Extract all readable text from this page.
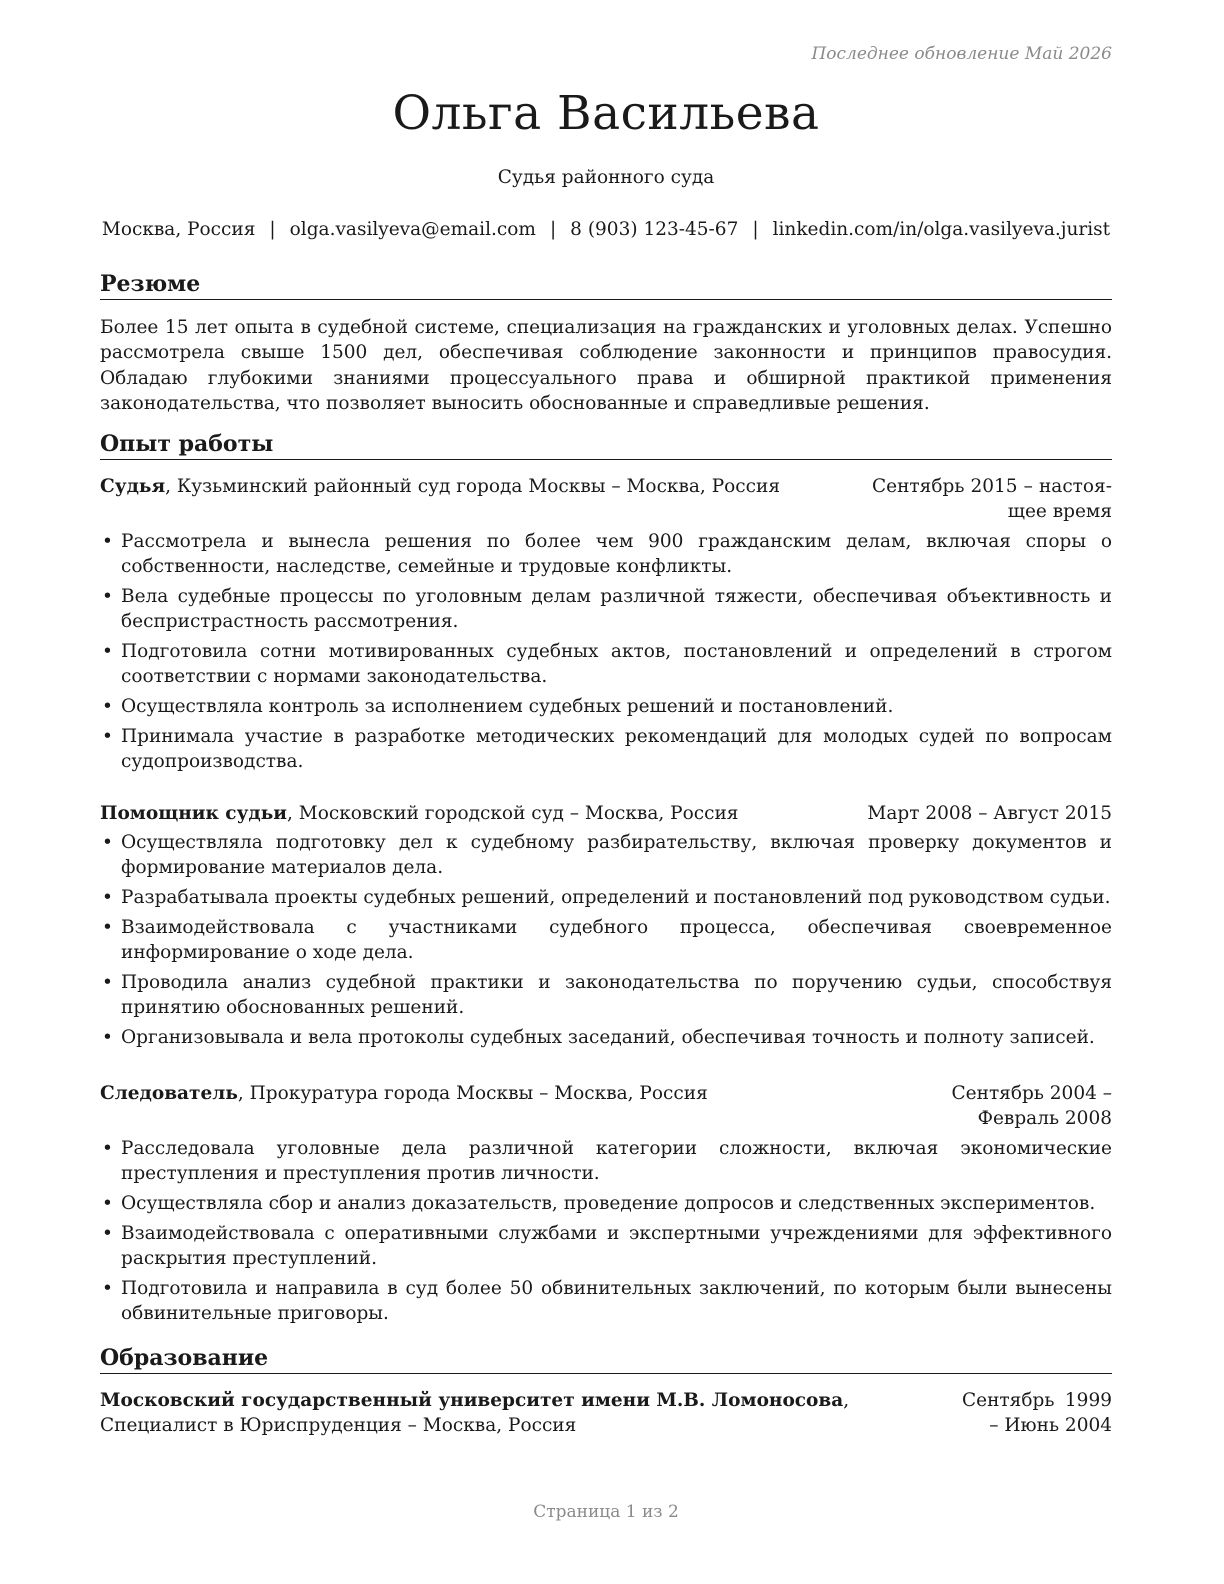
Последнее обновление Май 2026
Ольга Васильева
Судья районного суда
Москва, Россия | olga.vasilyeva@email.com | 8 (903) 123-45-67 | linkedin.com/in/olga.vasilyeva.jurist
Резюме
Более 15 лет опыта в судебной системе, специализация на гражданских и уголовных делах. Успешно рассмотрела свыше 1500 дел, обеспечивая соблюдение законности и принципов правосудия. Обладаю глубокими знаниями процессуального права и обширной практикой применения законодательства, что позволяет выносить обоснованные и справедливые решения.
Опыт работы
Судья, Кузьминский районный суд города Москвы – Москва, Россия	Сентябрь 2015 – настоящее время
• Рассмотрела и вынесла решения по более чем 900 гражданским делам, включая споры о собственности, наследстве, семейные и трудовые конфликты.
• Вела судебные процессы по уголовным делам различной тяжести, обеспечивая объективность и беспристрастность рассмотрения.
• Подготовила сотни мотивированных судебных актов, постановлений и определений в строгом соответствии с нормами законодательства.
• Осуществляла контроль за исполнением судебных решений и постановлений.
• Принимала участие в разработке методических рекомендаций для молодых судей по вопросам судопроизводства.
Помощник судьи, Московский городской суд – Москва, Россия	Март 2008 – Август 2015
• Осуществляла подготовку дел к судебному разбирательству, включая проверку документов и формирование материалов дела.
• Разрабатывала проекты судебных решений, определений и постановлений под руководством судьи.
• Взаимодействовала с участниками судебного процесса, обеспечивая своевременное информирование о ходе дела.
• Проводила анализ судебной практики и законодательства по поручению судьи, способствуя принятию обоснованных решений.
• Организовывала и вела протоколы судебных заседаний, обеспечивая точность и полноту записей.
Следователь, Прокуратура города Москвы – Москва, Россия	Сентябрь 2004 – Февраль 2008
• Расследовала уголовные дела различной категории сложности, включая экономические преступления и преступления против личности.
• Осуществляла сбор и анализ доказательств, проведение допросов и следственных экспериментов.
• Взаимодействовала с оперативными службами и экспертными учреждениями для эффективного раскрытия преступлений.
• Подготовила и направила в суд более 50 обвинительных заключений, по которым были вынесены обвинительные приговоры.
Образование
Московский государственный университет имени М.В. Ломоносова, Специалист в Юриспруденция – Москва, Россия
Сентябрь 1999 – Июнь 2004
Страница 1 из 2
